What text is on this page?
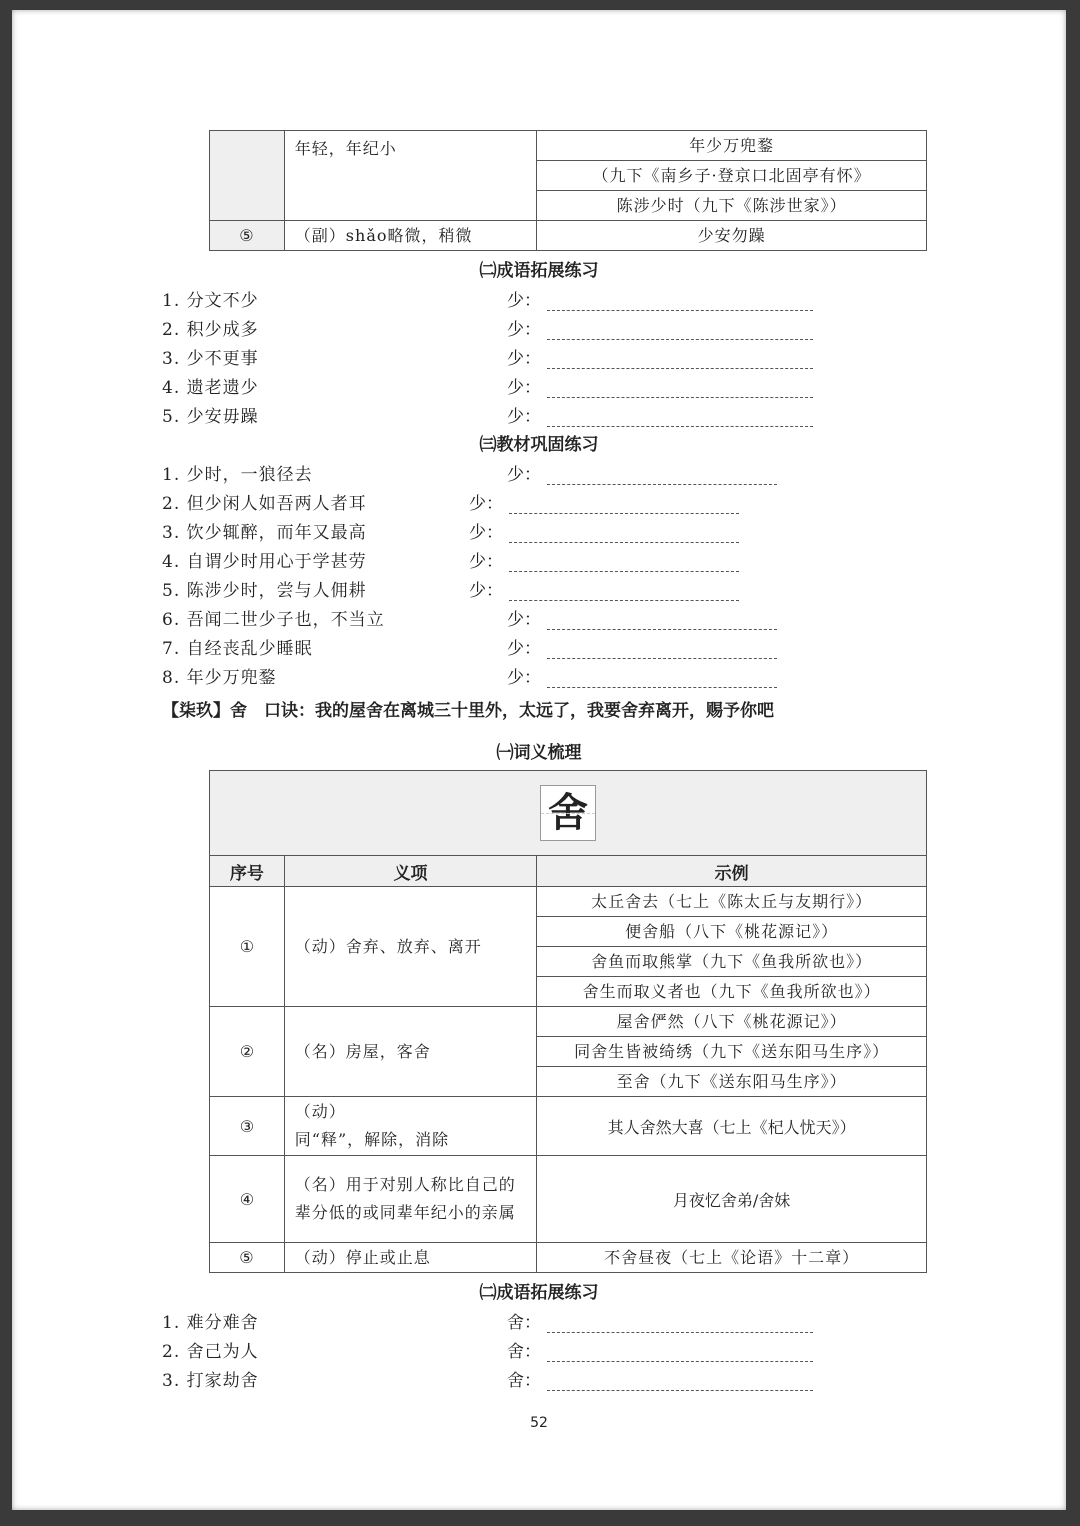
	年轻，年纪小	年少万兜鍪
		（九下《南乡子·登京口北固亭有怀》
		陈涉少时（九下《陈涉世家》）
⑤	（副）shǎo略微，稍微	少安勿躁
㈡成语拓展练习
1. 分文不少	少：
2. 积少成多	少：
3. 少不更事	少：
4. 遗老遗少	少：
5. 少安毋躁	少：
㈢教材巩固练习
1. 少时，一狼径去	少：
2. 但少闲人如吾两人者耳	少：
3. 饮少辄醉，而年又最高	少：
4. 自谓少时用心于学甚劳	少：
5. 陈涉少时，尝与人佣耕	少：
6. 吾闻二世少子也，不当立	少：
7. 自经丧乱少睡眠	少：
8. 年少万兜鍪	少：
【柒玖】舍　口诀：我的屋舍在离城三十里外，太远了，我要舍弃离开，赐予你吧
㈠词义梳理
舍		
序号	义项	示例
①	（动）舍弃、放弃、离开	太丘舍去（七上《陈太丘与友期行》）
		便舍船（八下《桃花源记》）
		舍鱼而取熊掌（九下《鱼我所欲也》）
		舍生而取义者也（九下《鱼我所欲也》）
②	（名）房屋，客舍	屋舍俨然（八下《桃花源记》）
		同舍生皆被绮绣（九下《送东阳马生序》）
		至舍（九下《送东阳马生序》）
③	（动）
同“释”，解除，消除	其人舍然大喜（七上《杞人忧天》）
④	（名）用于对别人称比自己的辈分低的或同辈年纪小的亲属	月夜忆舍弟/舍妹
⑤	（动）停止或止息	不舍昼夜（七上《论语》十二章）
㈡成语拓展练习
1. 难分难舍	舍：
2. 舍己为人	舍：
3. 打家劫舍	舍：
52
